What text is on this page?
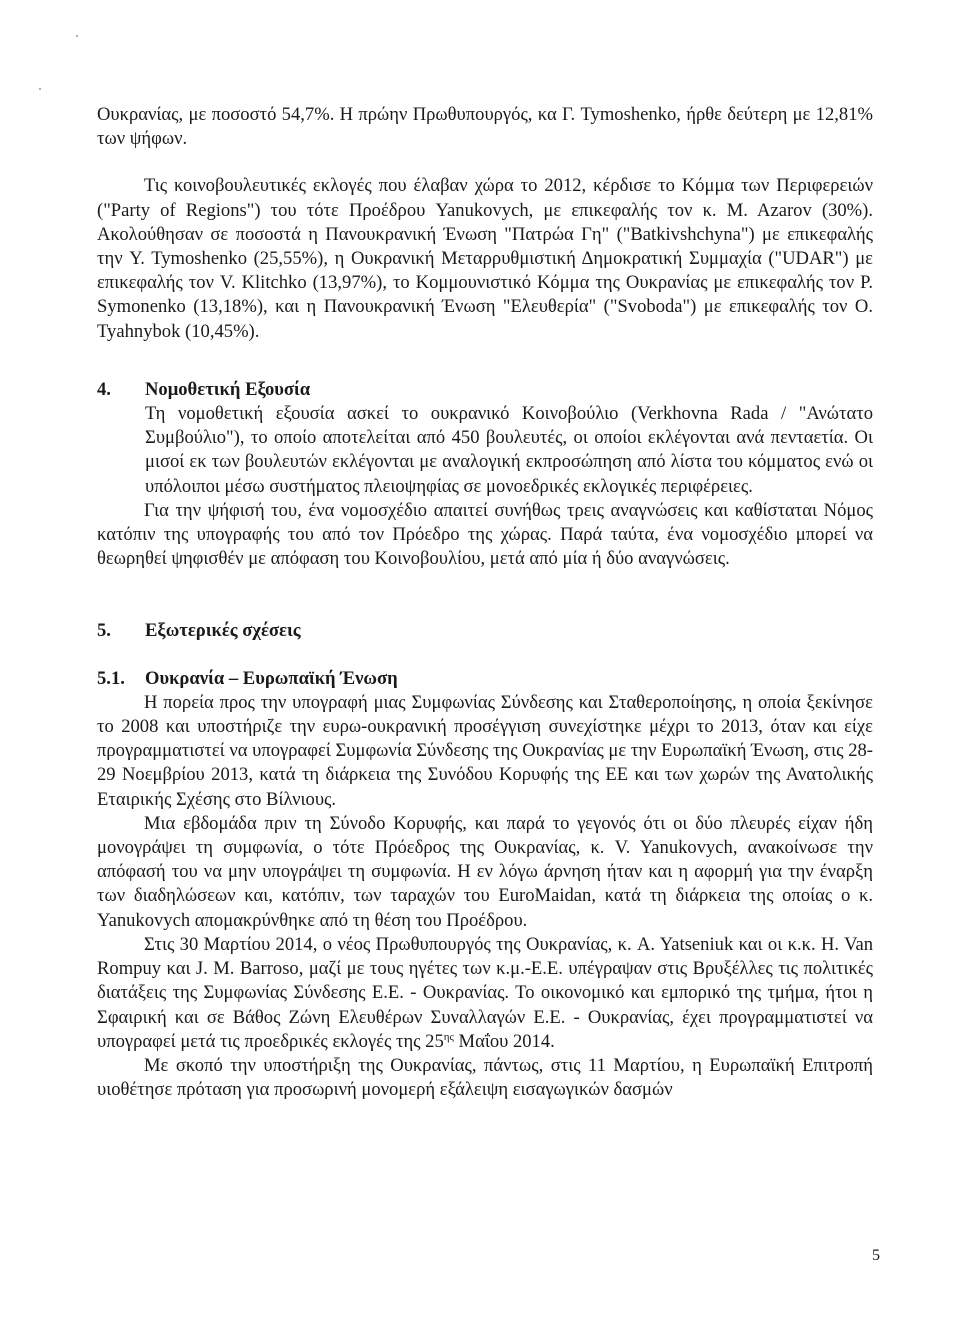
Ουκρανίας, με ποσοστό 54,7%. Η πρώην Πρωθυπουργός, κα Γ. Tymoshenko, ήρθε δεύτερη με 12,81% των ψήφων.

Τις κοινοβουλευτικές εκλογές που έλαβαν χώρα το 2012, κέρδισε το Κόμμα των Περιφερειών ("Party of Regions") του τότε Προέδρου Yanukovych, με επικεφαλής τον κ. M. Azarov (30%). Ακολούθησαν σε ποσοστά η Πανουκρανική Ένωση "Πατρώα Γη" ("Batkivshchyna") με επικεφαλής την Y. Tymoshenko (25,55%), η Ουκρανική Μεταρρυθμιστική Δημοκρατική Συμμαχία ("UDAR") με επικεφαλής τον V. Klitchko (13,97%), το Κομμουνιστικό Κόμμα της Ουκρανίας με επικεφαλής τον P. Symonenko (13,18%), και η Πανουκρανική Ένωση "Ελευθερία" ("Svoboda") με επικεφαλής τον O. Tyahnybok (10,45%).

4.	Νομοθετική Εξουσία

Τη νομοθετική εξουσία ασκεί το ουκρανικό Κοινοβούλιο (Verkhovna Rada / "Ανώτατο Συμβούλιο"), το οποίο αποτελείται από 450 βουλευτές, οι οποίοι εκλέγονται ανά πενταετία. Οι μισοί εκ των βουλευτών εκλέγονται με αναλογική εκπροσώπηση από λίστα του κόμματος ενώ οι υπόλοιποι μέσω συστήματος πλειοψηφίας σε μονοεδρικές εκλογικές περιφέρειες.

Για την ψήφισή του, ένα νομοσχέδιο απαιτεί συνήθως τρεις αναγνώσεις και καθίσταται Νόμος κατόπιν της υπογραφής του από τον Πρόεδρο της χώρας. Παρά ταύτα, ένα νομοσχέδιο μπορεί να θεωρηθεί ψηφισθέν με απόφαση του Κοινοβουλίου, μετά από μία ή δύο αναγνώσεις.

5.	Εξωτερικές σχέσεις
5.1.	Ουκρανία – Ευρωπαϊκή Ένωση

Η πορεία προς την υπογραφή μιας Συμφωνίας Σύνδεσης και Σταθεροποίησης, η οποία ξεκίνησε το 2008 και υποστήριζε την ευρω-ουκρανική προσέγγιση συνεχίστηκε μέχρι το 2013, όταν και είχε προγραμματιστεί να υπογραφεί Συμφωνία Σύνδεσης της Ουκρανίας με την Ευρωπαϊκή Ένωση, στις 28-29 Νοεμβρίου 2013, κατά τη διάρκεια της Συνόδου Κορυφής της ΕΕ και των χωρών της Ανατολικής Εταιρικής Σχέσης στο Βίλνιους.

Μια εβδομάδα πριν τη Σύνοδο Κορυφής, και παρά το γεγονός ότι οι δύο πλευρές είχαν ήδη μονογράψει τη συμφωνία, ο τότε Πρόεδρος της Ουκρανίας, κ. V. Yanukovych, ανακοίνωσε την απόφασή του να μην υπογράψει τη συμφωνία. Η εν λόγω άρνηση ήταν και η αφορμή για την έναρξη των διαδηλώσεων και, κατόπιν, των ταραχών του EuroMaidan, κατά τη διάρκεια της οποίας ο κ. Yanukovych απομακρύνθηκε από τη θέση του Προέδρου.

Στις 30 Μαρτίου 2014, ο νέος Πρωθυπουργός της Ουκρανίας, κ. A. Yatseniuk και οι κ.κ. H. Van Rompuy και J. M. Barroso, μαζί με τους ηγέτες των κ.μ.-Ε.Ε. υπέγραψαν στις Βρυξέλλες τις πολιτικές διατάξεις της Συμφωνίας Σύνδεσης Ε.Ε. - Ουκρανίας. Το οικονομικό και εμπορικό της τμήμα, ήτοι η Σφαιρική και σε Βάθος Ζώνη Ελευθέρων Συναλλαγών Ε.Ε. - Ουκρανίας, έχει προγραμματιστεί να υπογραφεί μετά τις προεδρικές εκλογές της $25^{\eta\varsigma}$ Μαΐου 2014.

Με σκοπό την υποστήριξη της Ουκρανίας, πάντως, στις 11 Μαρτίου, η Ευρωπαϊκή Επιτροπή υιοθέτησε πρόταση για προσωρινή μονομερή εξάλειψη εισαγωγικών δασμών

5
